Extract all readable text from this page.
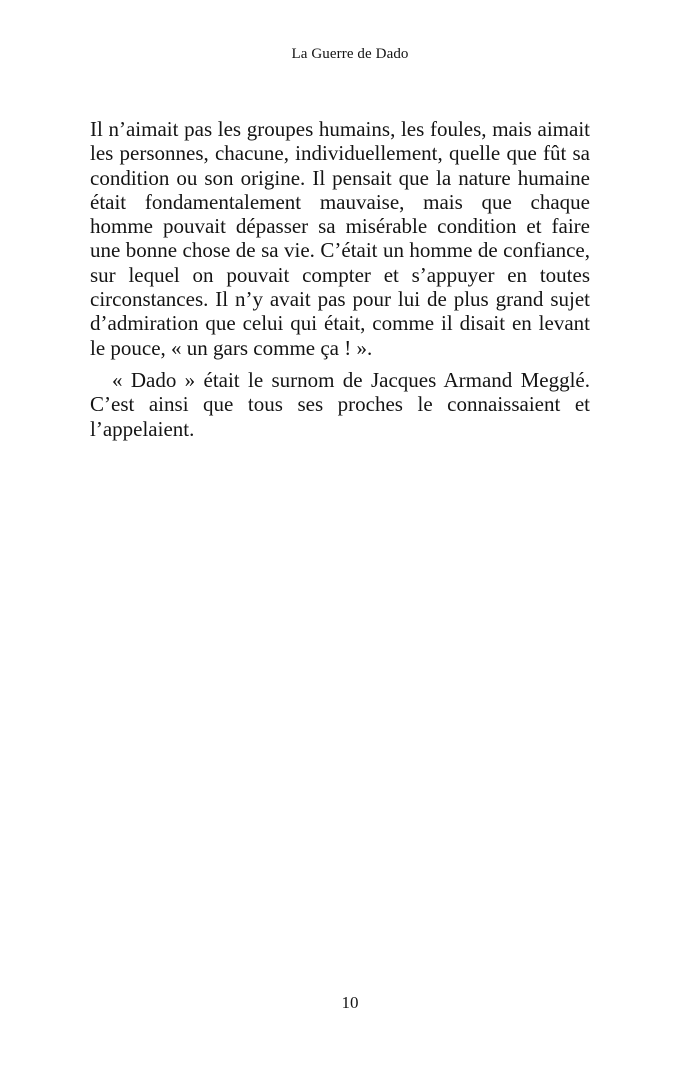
La Guerre de Dado

Il n’aimait pas les groupes humains, les foules, mais aimait les personnes, chacune, individuellement, quelle que fût sa condition ou son origine. Il pensait que la nature humaine était fondamentalement mauvaise, mais que chaque homme pouvait dépasser sa misérable condition et faire une bonne chose de sa vie. C’était un homme de confiance, sur lequel on pouvait compter et s’appuyer en toutes circonstances. Il n’y avait pas pour lui de plus grand sujet d’admiration que celui qui était, comme il disait en levant le pouce, « un gars comme ça ! ».

« Dado » était le surnom de Jacques Armand Megglé. C’est ainsi que tous ses proches le connaissaient et l’appelaient.

10
